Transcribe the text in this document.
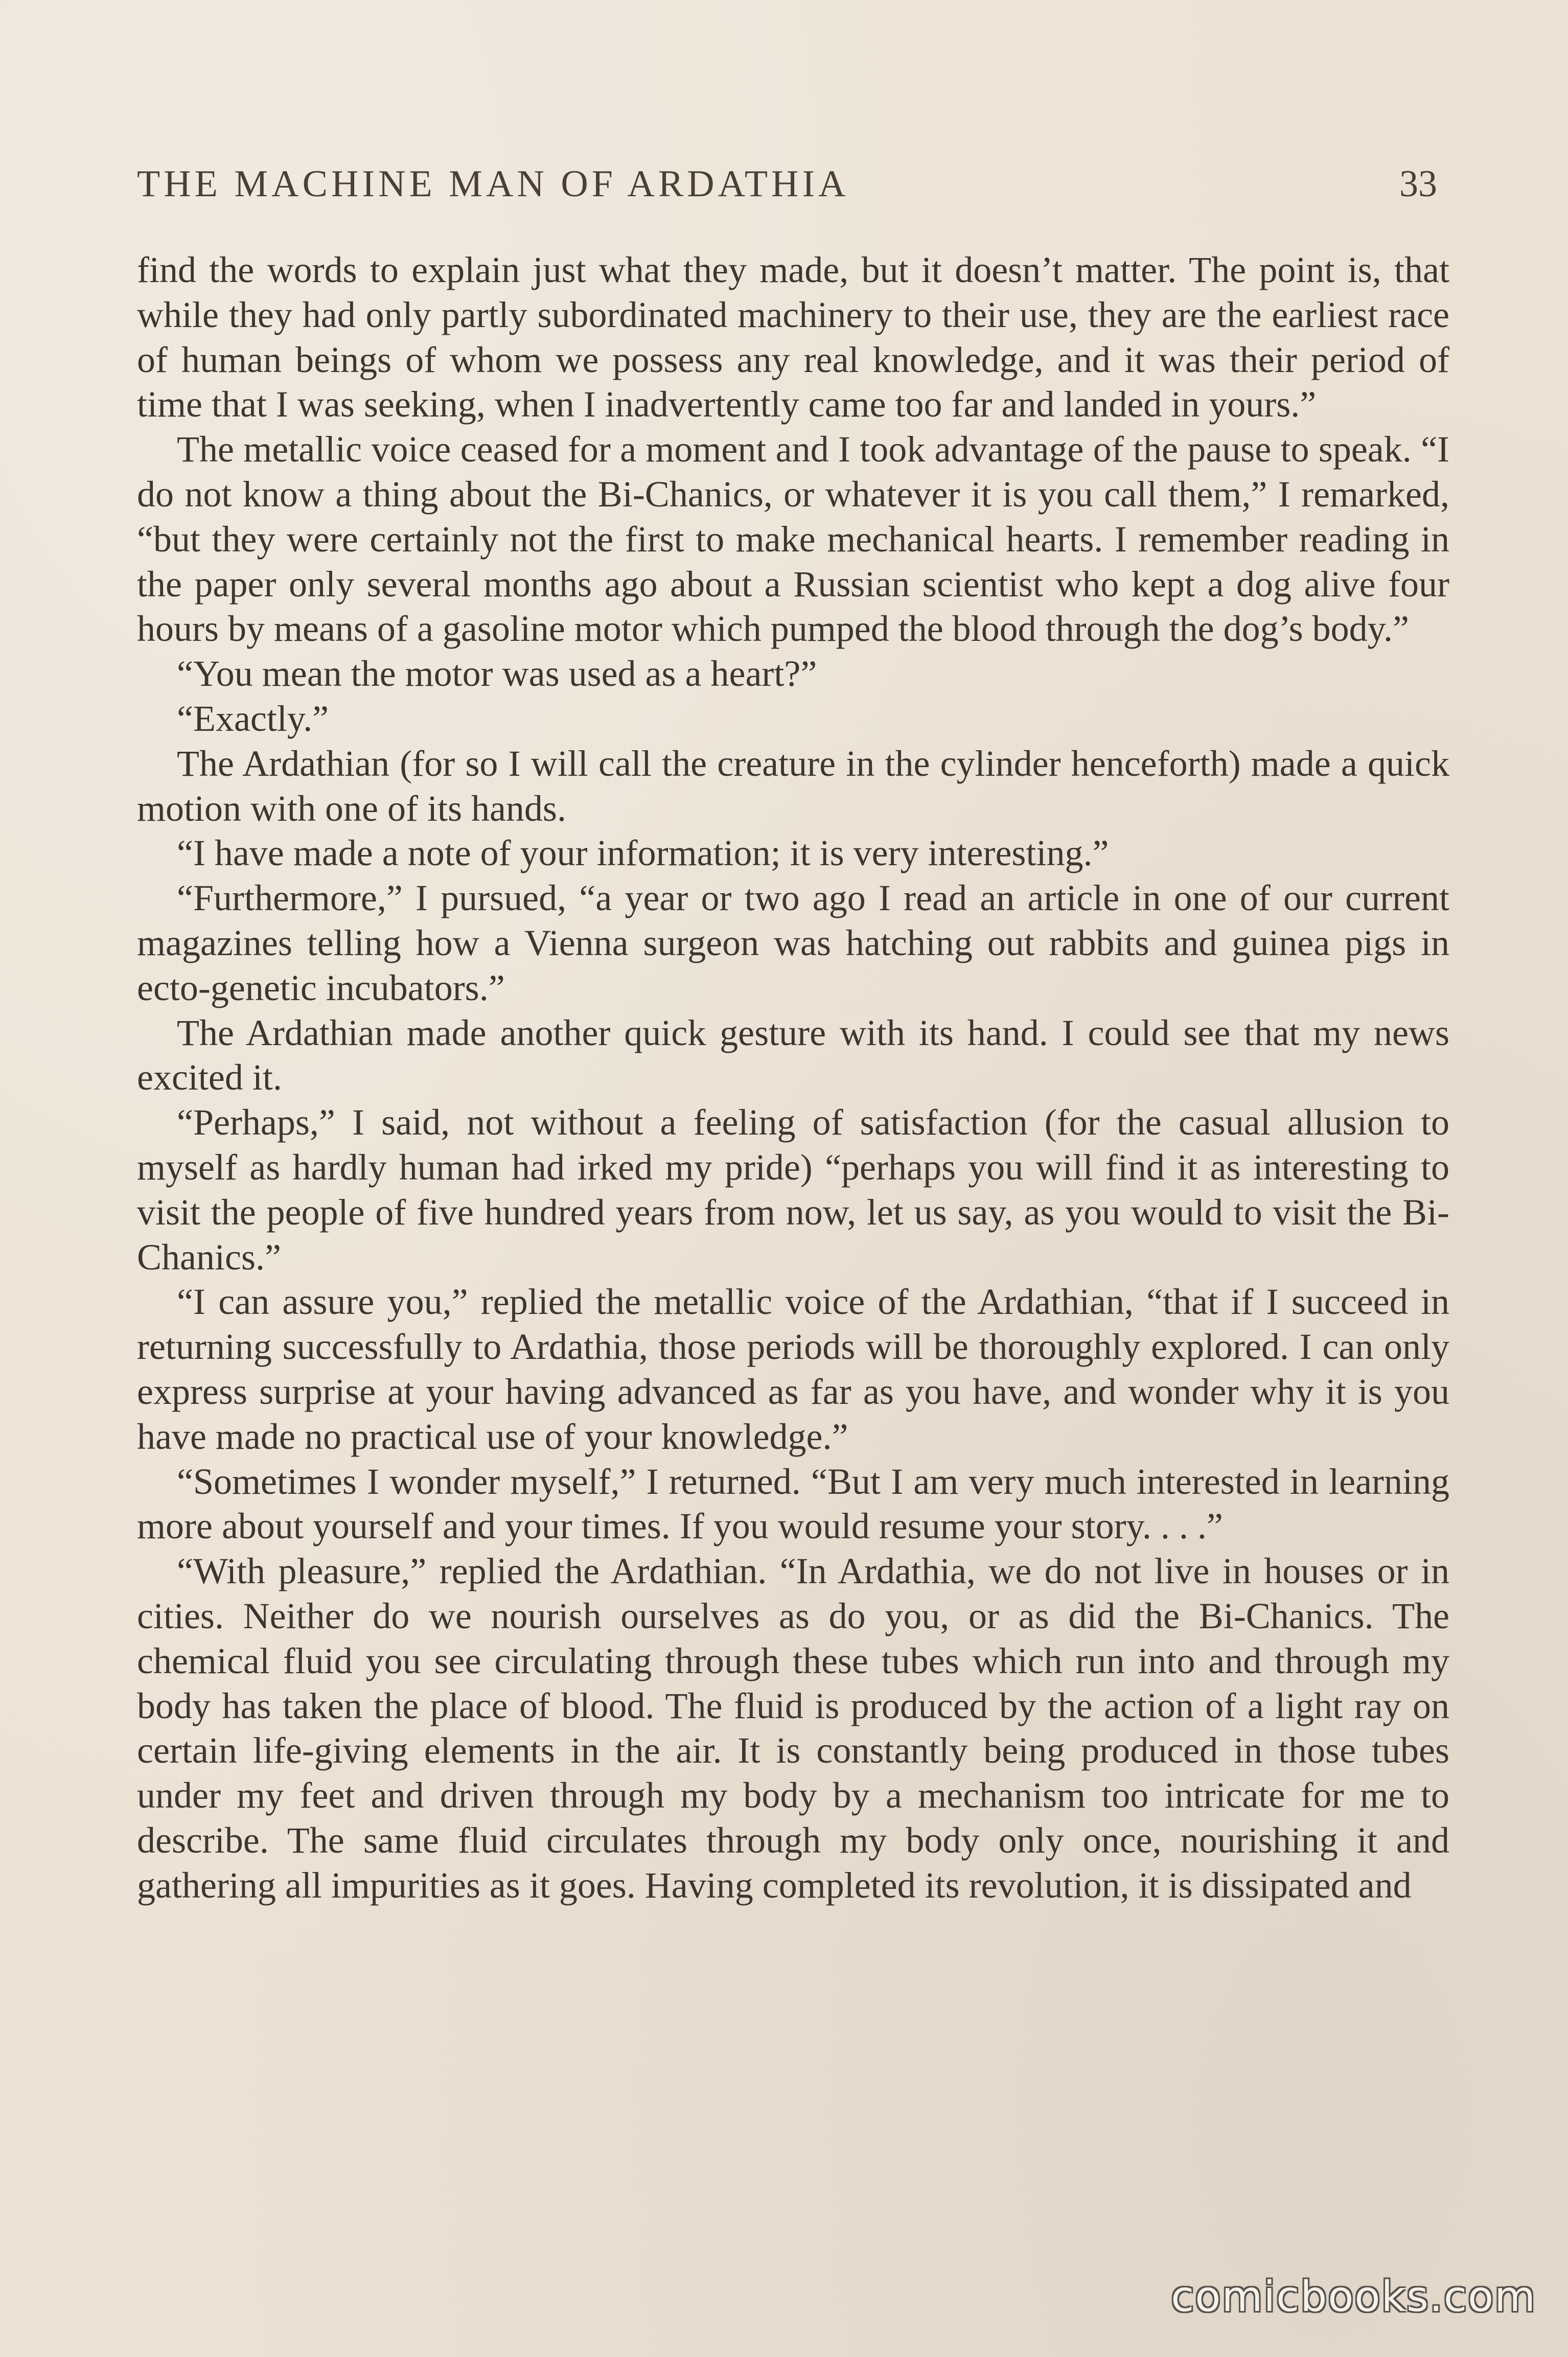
THE MACHINE MAN OF ARDATHIA	33

find the words to explain just what they made, but it doesn’t matter. The point is, that while they had only partly subordinated machinery to their use, they are the earliest race of human beings of whom we possess any real knowledge, and it was their period of time that I was seeking, when I inadvertently came too far and landed in yours.”

The metallic voice ceased for a moment and I took advantage of the pause to speak. “I do not know a thing about the Bi-Chanics, or whatever it is you call them,” I remarked, “but they were certainly not the first to make mechanical hearts. I remember reading in the paper only several months ago about a Russian scientist who kept a dog alive four hours by means of a gasoline motor which pumped the blood through the dog’s body.”

“You mean the motor was used as a heart?”

“Exactly.”

The Ardathian (for so I will call the creature in the cylinder henceforth) made a quick motion with one of its hands.

“I have made a note of your information; it is very interesting.”

“Furthermore,” I pursued, “a year or two ago I read an article in one of our current magazines telling how a Vienna surgeon was hatching out rabbits and guinea pigs in ecto-genetic incubators.”

The Ardathian made another quick gesture with its hand. I could see that my news excited it.

“Perhaps,” I said, not without a feeling of satisfaction (for the casual allusion to myself as hardly human had irked my pride) “perhaps you will find it as interesting to visit the people of five hundred years from now, let us say, as you would to visit the Bi-Chanics.”

“I can assure you,” replied the metallic voice of the Ardathian, “that if I succeed in returning successfully to Ardathia, those periods will be thoroughly explored. I can only express surprise at your having advanced as far as you have, and wonder why it is you have made no practical use of your knowledge.”

“Sometimes I wonder myself,” I returned. “But I am very much interested in learning more about yourself and your times. If you would resume your story. . . .”

“With pleasure,” replied the Ardathian. “In Ardathia, we do not live in houses or in cities. Neither do we nourish ourselves as do you, or as did the Bi-Chanics. The chemical fluid you see circulating through these tubes which run into and through my body has taken the place of blood. The fluid is produced by the action of a light ray on certain life-giving elements in the air. It is constantly being produced in those tubes under my feet and driven through my body by a mechanism too intricate for me to describe. The same fluid circulates through my body only once, nourishing it and gathering all impurities as it goes. Having completed its revolution, it is dissipated and

comicbooks.com
